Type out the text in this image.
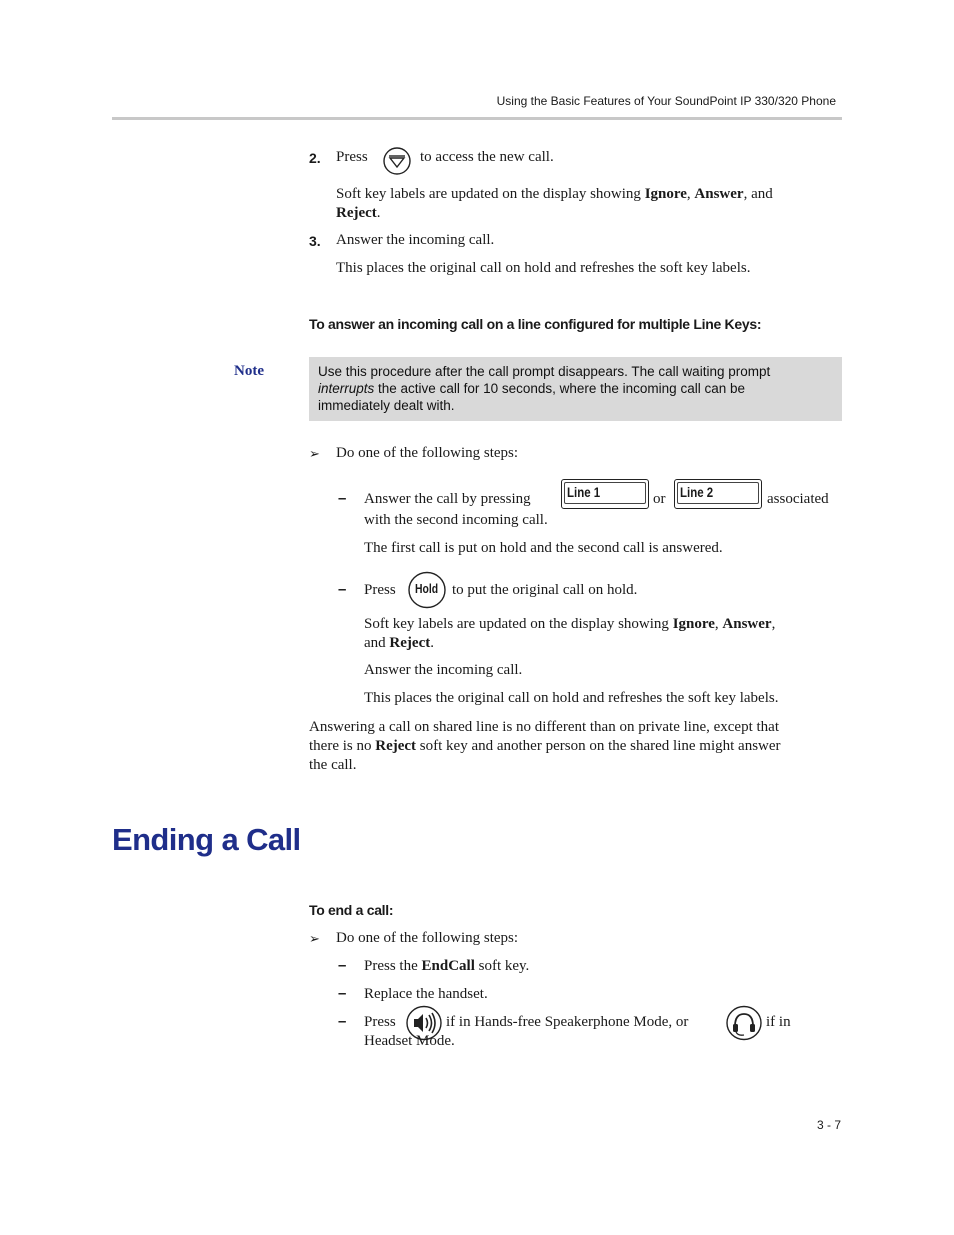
Using the Basic Features of Your SoundPoint IP 330/320 Phone
2. Press	to access the new call.
Soft key labels are updated on the display showing Ignore, Answer, and
Reject.
3. Answer the incoming call.
This places the original call on hold and refreshes the soft key labels.
To answer an incoming call on a line configured for multiple Line Keys:
Note	Use this procedure after the call prompt disappears. The call waiting prompt
interrupts the active call for 10 seconds, where the incoming call can be
immediately dealt with.
➢ Do one of the following steps:
– Answer the call by pressing	Line 1	or Line 2	associated
with the second incoming call.
The first call is put on hold and the second call is answered.
– Press Hold to put the original call on hold.
Soft key labels are updated on the display showing Ignore, Answer,
and Reject.
Answer the incoming call.
This places the original call on hold and refreshes the soft key labels.
Answering a call on shared line is no different than on private line, except that
there is no Reject soft key and another person on the shared line might answer
the call.
Ending a Call
To end a call:
➢ Do one of the following steps:
– Press the EndCall soft key.
– Replace the handset.
– Press	if in Hands-free Speakerphone Mode, or	if in
Headset Mode.
3 - 7
